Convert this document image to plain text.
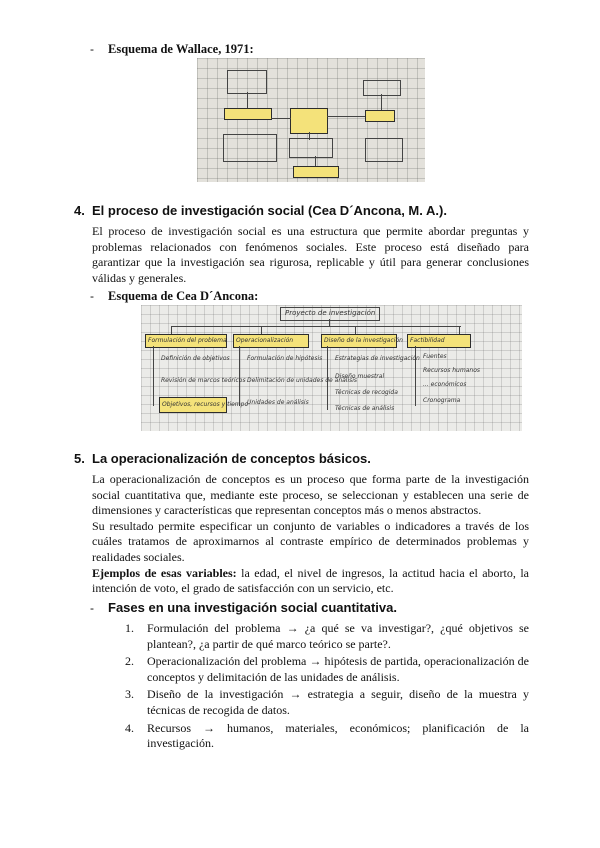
- Esquema de Wallace, 1971:
4. El proceso de investigación social (Cea D´Ancona, M. A.).

El proceso de investigación social es una estructura que permite abordar preguntas y problemas relacionados con fenómenos sociales. Este proceso está diseñado para garantizar que la investigación sea rigurosa, replicable y útil para generar conclusiones válidas y generales.

- Esquema de Cea D´Ancona:
Proyecto de investigación
Formulación del problema Operacionalización	Diseño de la investigación Factibilidad
Definición de objetivos
Revisión de marcos teóricos
Objetivos, recursos y tiempo
Formulación de hipótesis
Delimitación de unidades de análisis
Unidades de análisis
Estrategias de investigación
Diseño muestral
Técnicas de recogida
Técnicas de análisis
Fuentes
Recursos humanos
... económicos
Cronograma
5. La operacionalización de conceptos básicos.

La operacionalización de conceptos es un proceso que forma parte de la investigación social cuantitativa que, mediante este proceso, se seleccionan y establecen una serie de dimensiones y características que representan conceptos más o menos abstractos.

Su resultado permite especificar un conjunto de variables o indicadores a través de los cuáles tratamos de aproximarnos al contraste empírico de determinados problemas y realidades sociales.

Ejemplos de esas variables: la edad, el nivel de ingresos, la actitud hacia el aborto, la intención de voto, el grado de satisfacción con un servicio, etc.

- Fases en una investigación social cuantitativa.
1. Formulación del problema → ¿a qué se va investigar?, ¿qué objetivos se plantean?, ¿a partir de qué marco teórico se parte?.
2. Operacionalización del problema → hipótesis de partida, operacionalización de conceptos y delimitación de las unidades de análisis.
3. Diseño de la investigación → estrategia a seguir, diseño de la muestra y técnicas de recogida de datos.
4. Recursos → humanos, materiales, económicos; planificación de la investigación.
